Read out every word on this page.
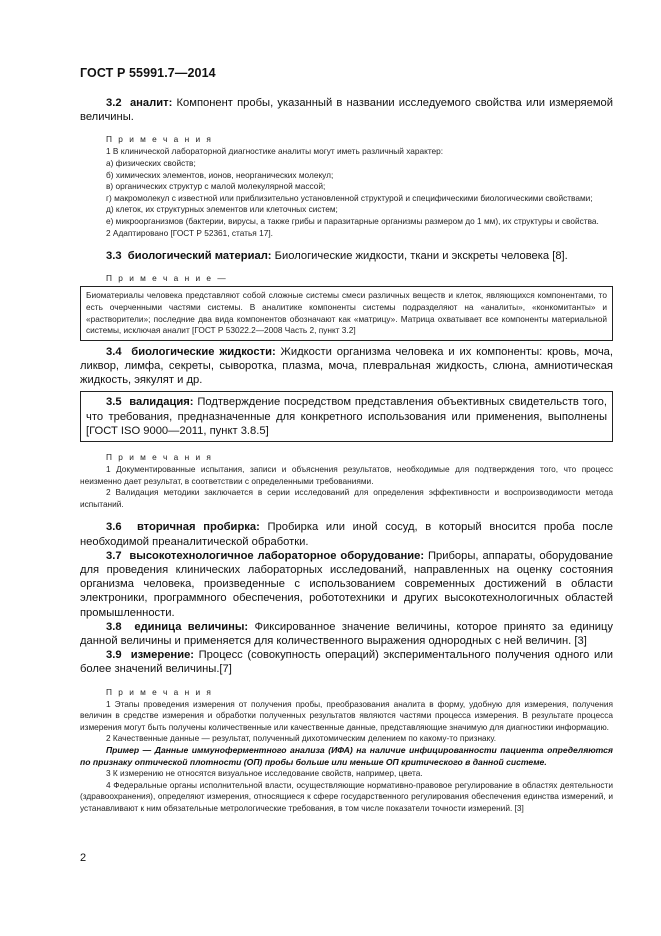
ГОСТ Р 55991.7—2014

3.2 аналит: Компонент пробы, указанный в названии исследуемого свойства или измеряемой величины.

П р и м е ч а н и я

1 В клинической лабораторной диагностике аналиты могут иметь различный характер:

а) физических свойств;

б) химических элементов, ионов, неорганических молекул;

в) органических структур с малой молекулярной массой;

г) макромолекул с известной или приблизительно установленной структурой и специфическими биологическими свойствами;

д) клеток, их структурных элементов или клеточных систем;

е) микроорганизмов (бактерии, вирусы, а также грибы и паразитарные организмы размером до 1 мм), их структуры и свойства.

2 Адаптировано [ГОСТ Р 52361, статья 17].

3.3 биологический материал: Биологические жидкости, ткани и экскреты человека [8].

П р и м е ч а н и е —

Биоматериалы человека представляют собой сложные системы смеси различных веществ и клеток, являющихся компонентами, то есть очерченными частями системы. В аналитике компоненты системы подразделяют на «аналиты», «конкомитанты» и «растворители»; последние два вида компонентов обозначают как «матрицу». Матрица охватывает все компоненты материальной системы, исключая аналит [ГОСТ Р 53022.2—2008 Часть 2, пункт 3.2]

3.4 биологические жидкости: Жидкости организма человека и их компоненты: кровь, моча, ликвор, лимфа, секреты, сыворотка, плазма, моча, плевральная жидкость, слюна, амниотическая жидкость, эякулят и др.

3.5 валидация: Подтверждение посредством представления объективных свидетельств того, что требования, предназначенные для конкретного использования или применения, выполнены [ГОСТ ISO 9000—2011, пункт 3.8.5]

П р и м е ч а н и я

1 Документированные испытания, записи и объяснения результатов, необходимые для подтверждения того, что процесс неизменно дает результат, в соответствии с определенными требованиями.

2 Валидация методики заключается в серии исследований для определения эффективности и воспроизводимости метода испытаний.

3.6 вторичная пробирка: Пробирка или иной сосуд, в который вносится проба после необходимой преаналитической обработки.

3.7 высокотехнологичное лабораторное оборудование: Приборы, аппараты, оборудование для проведения клинических лабораторных исследований, направленных на оценку состояния организма человека, произведенные с использованием современных достижений в области электроники, программного обеспечения, робототехники и других высокотехнологичных областей промышленности.

3.8 единица величины: Фиксированное значение величины, которое принято за единицу данной величины и применяется для количественного выражения однородных с ней величин. [3]

3.9 измерение: Процесс (совокупность операций) экспериментального получения одного или более значений величины.[7]

П р и м е ч а н и я

1 Этапы проведения измерения от получения пробы, преобразования аналита в форму, удобную для измерения, получения величин в средстве измерения и обработки полученных результатов являются частями процесса измерения. В результате процесса измерения могут быть получены количественные или качественные данные, представляющие значимую для диагностики информацию.

2 Качественные данные — результат, полученный дихотомическим делением по какому-то признаку.

Пример — Данные иммуноферментного анализа (ИФА) на наличие инфицированности пациента определяются по признаку оптической плотности (ОП) пробы больше или меньше ОП критического в данной системе.

3 К измерению не относятся визуальное исследование свойств, например, цвета.

4 Федеральные органы исполнительной власти, осуществляющие нормативно-правовое регулирование в областях деятельности (здравоохранения), определяют измерения, относящиеся к сфере государственного регулирования обеспечения единства измерений, и устанавливают к ним обязательные метрологические требования, в том числе показатели точности измерений. [3]

2
